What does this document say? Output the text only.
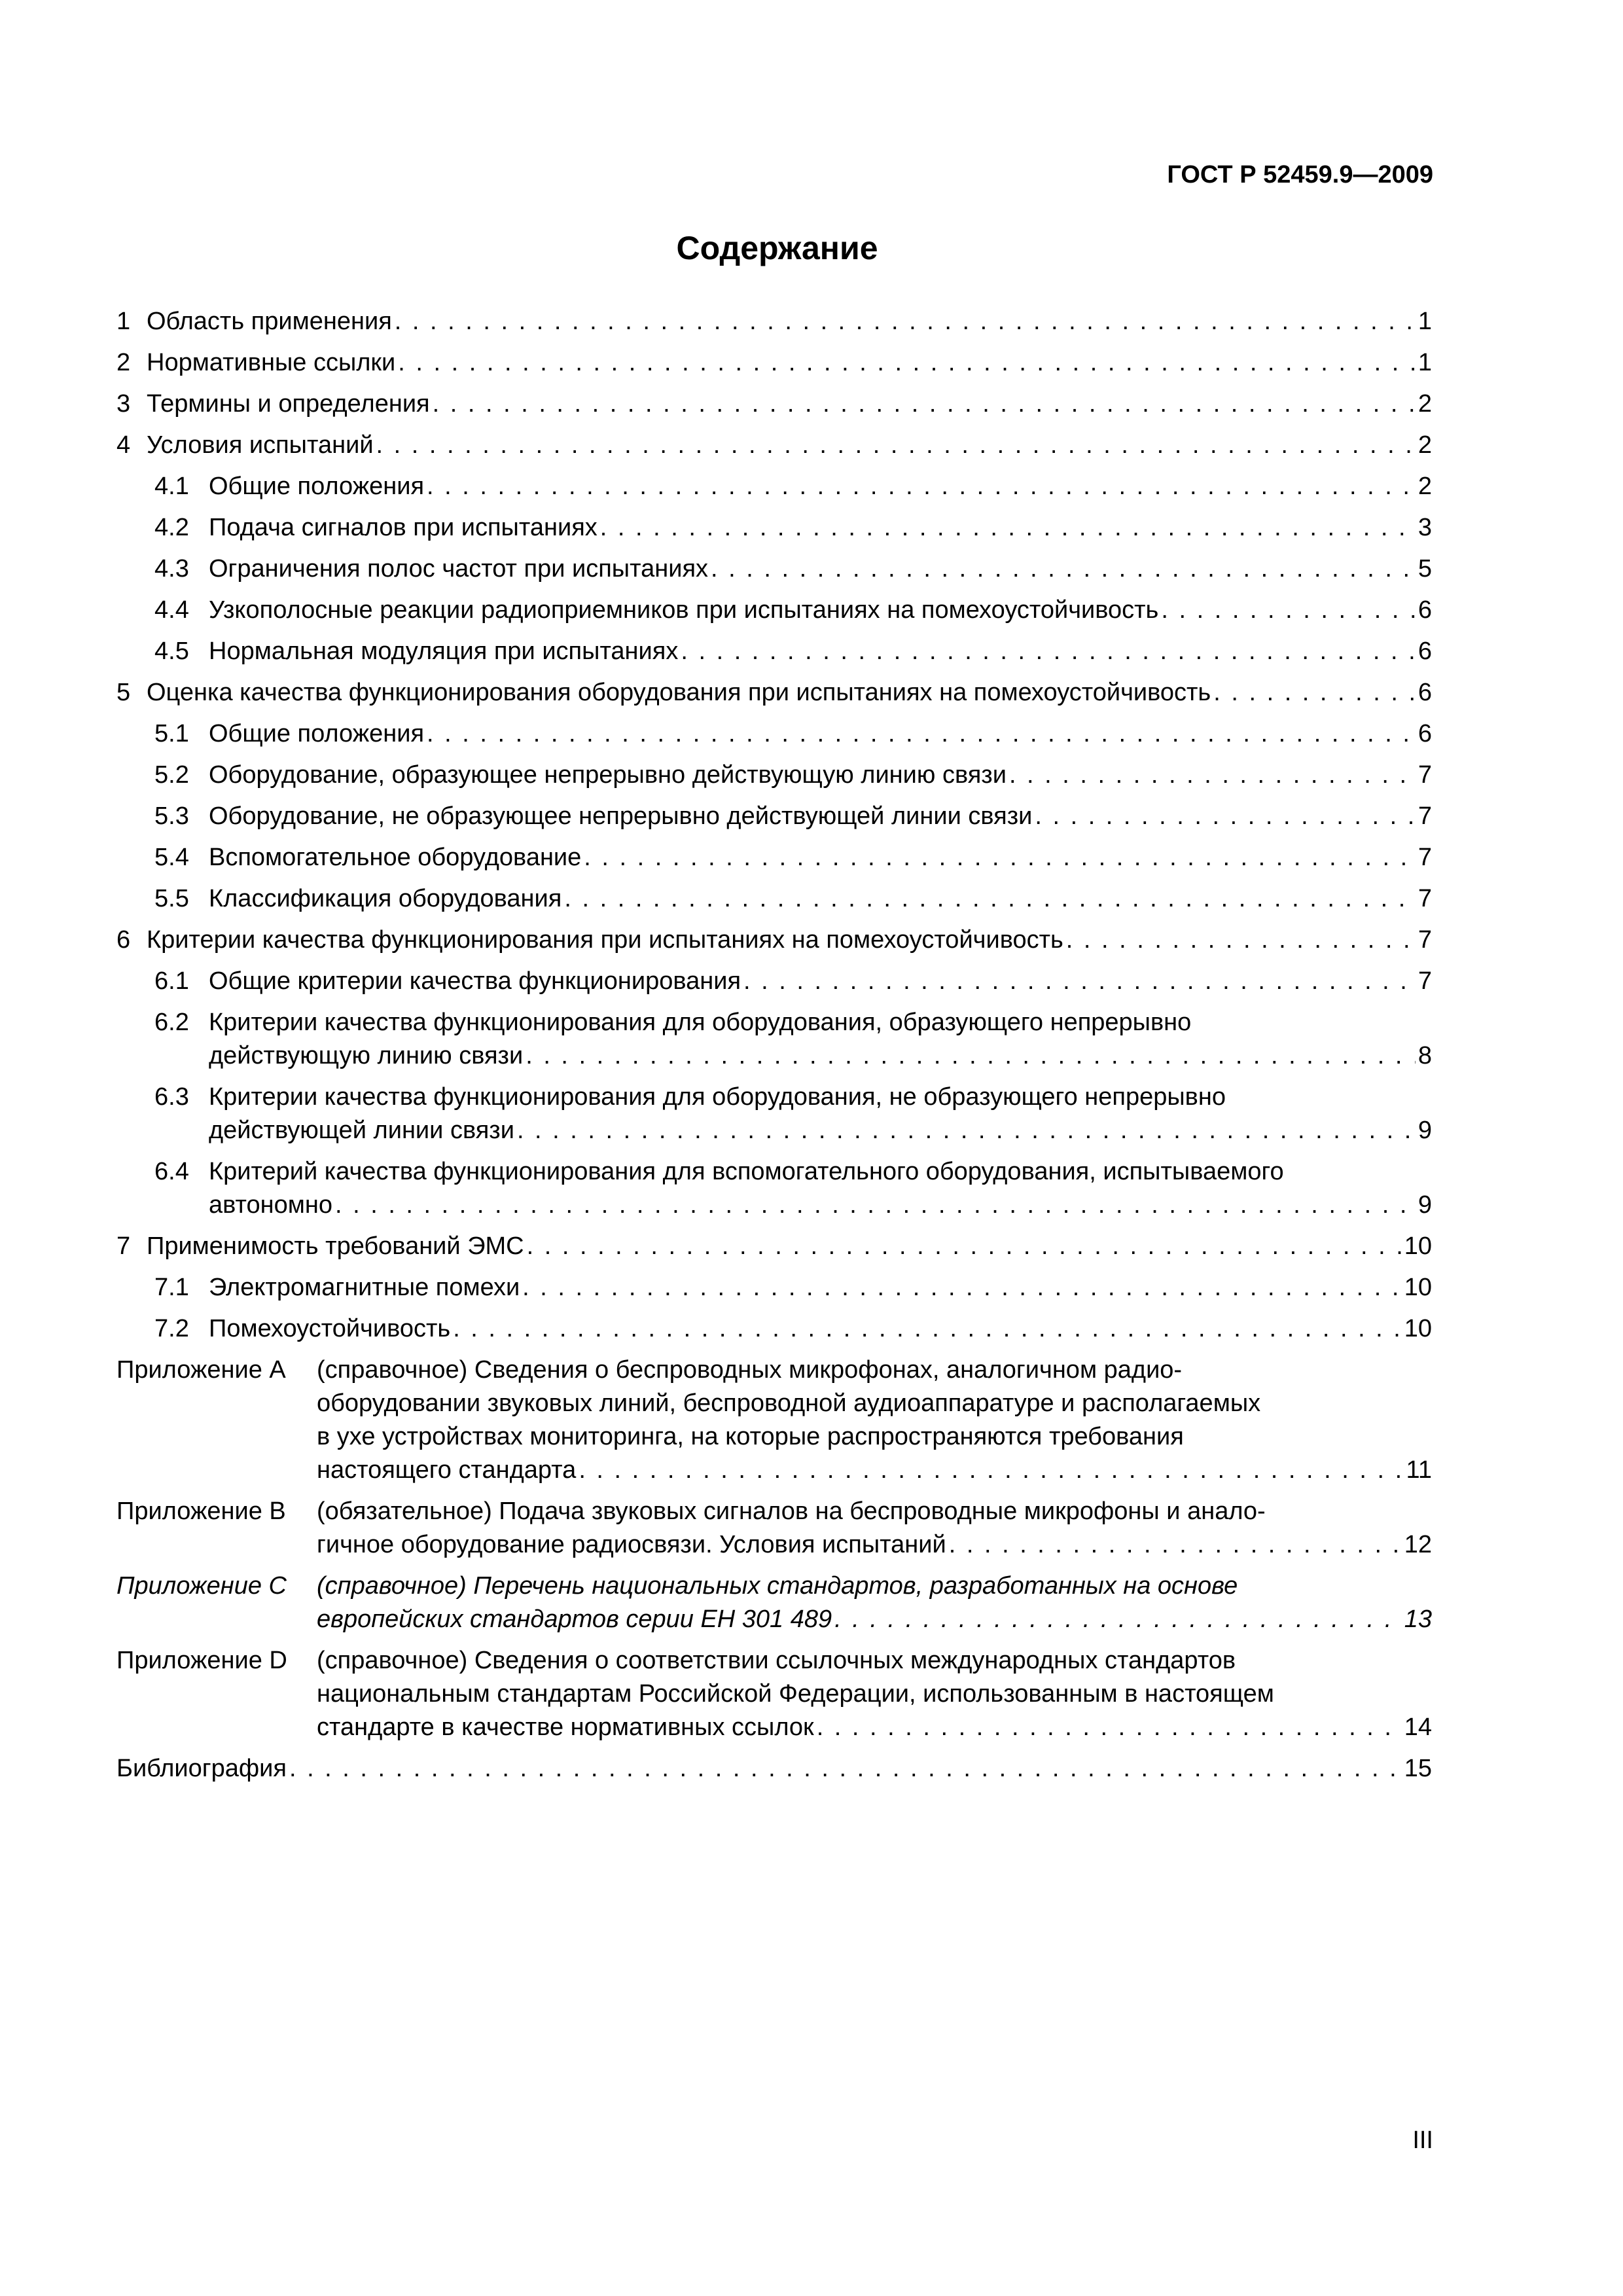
ГОСТ Р 52459.9—2009
Содержание
1 Область применения . . .	1
2 Нормативные ссылки . . .	1
3 Термины и определения . . .	2
4 Условия испытаний . . .	2
4.1 Общие положения . . .	2
4.2 Подача сигналов при испытаниях . . .	3
4.3 Ограничения полос частот при испытаниях . . .	5
4.4 Узкополосные реакции радиоприемников при испытаниях на помехоустойчивость . . .	6
4.5 Нормальная модуляция при испытаниях . . .	6
5 Оценка качества функционирования оборудования при испытаниях на помехоустойчивость . . .	6
5.1 Общие положения . . .	6
5.2 Оборудование, образующее непрерывно действующую линию связи . . .	7
5.3 Оборудование, не образующее непрерывно действующей линии связи . . .	7
5.4 Вспомогательное оборудование . . .	7
5.5 Классификация оборудования . . .	7
6 Критерии качества функционирования при испытаниях на помехоустойчивость . . .	7
6.1 Общие критерии качества функционирования . . .	7
6.2 Критерии качества функционирования для оборудования, образующего непрерывно
действующую линию связи . . .	8
6.3 Критерии качества функционирования для оборудования, не образующего непрерывно
действующей линии связи . . .	9
6.4 Критерий качества функционирования для вспомогательного оборудования, испытываемого
автономно . . .	9
7 Применимость требований ЭМС . . .	10
7.1 Электромагнитные помехи . . .	10
7.2 Помехоустойчивость . . .	10
Приложение А (справочное) Сведения о беспроводных микрофонах, аналогичном радио-
оборудовании звуковых линий, беспроводной аудиоаппаратуре и располагаемых
в ухе устройствах мониторинга, на которые распространяются требования
настоящего стандарта . . .	11
Приложение В (обязательное) Подача звуковых сигналов на беспроводные микрофоны и анало-
гичное оборудование радиосвязи. Условия испытаний . . .	12
Приложение С (справочное) Перечень национальных стандартов, разработанных на основе
европейских стандартов серии ЕН 301 489 . . .	13
Приложение D (справочное) Сведения о соответствии ссылочных международных стандартов
национальным стандартам Российской Федерации, использованным в настоящем
стандарте в качестве нормативных ссылок . . .	14
Библиография . . .	15
III
